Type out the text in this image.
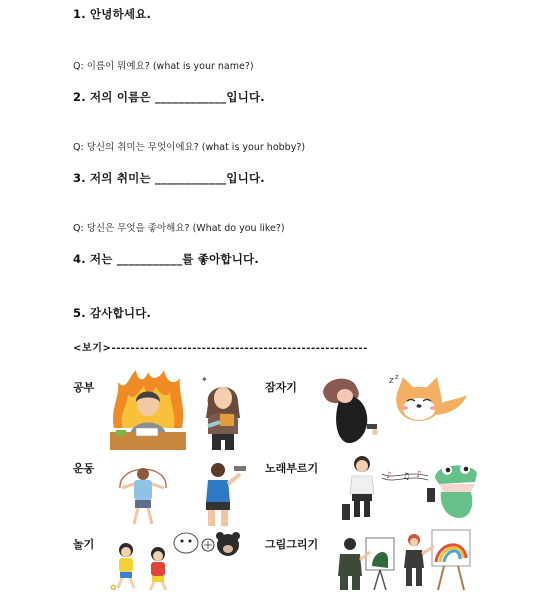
1. 안녕하세요.
Q: 이름이 뭐예요? (what is your name?)
2. 저의 이름은 ____________입니다.
Q: 당신의 취미는 무엇이에요? (what is your hobby?)
3. 저의 취미는 ____________입니다.
Q: 당신은 무엇을 좋아해요? (What do you like?)
4. 저는 ___________를 좋아합니다.
5. 감사합니다.
<보기>------------------------------------------------------
공부	잠자기
운동	노래부르기
놀기	그림그리기
✦	z z
♪ ♫ ♪
✿
